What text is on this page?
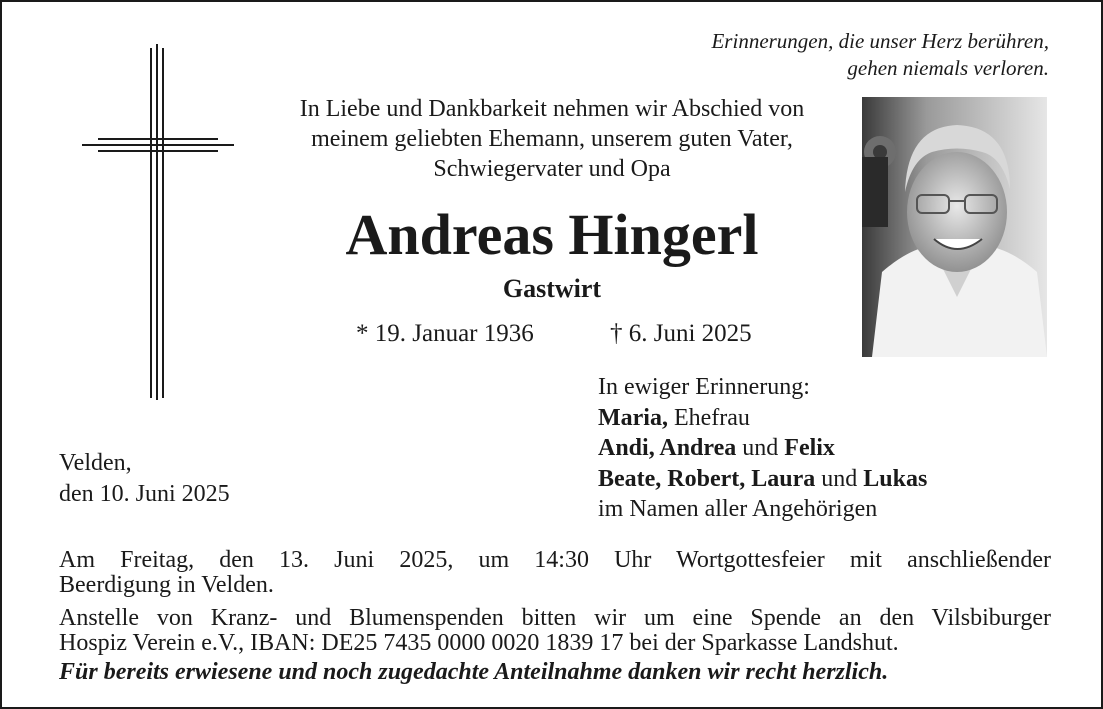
Erinnerungen, die unser Herz berühren,
gehen niemals verloren.
In Liebe und Dankbarkeit nehmen wir Abschied von
meinem geliebten Ehemann, unserem guten Vater,
Schwiegervater und Opa
Andreas Hingerl
Gastwirt
* 19. Januar 1936	† 6. Juni 2025
Velden,
den 10. Juni 2025
In ewiger Erinnerung:
Maria, Ehefrau
Andi, Andrea und Felix
Beate, Robert, Laura und Lukas
im Namen aller Angehörigen
Am Freitag, den 13. Juni 2025, um 14:30 Uhr Wortgottesfeier mit anschließender
Beerdigung in Velden.
Anstelle von Kranz- und Blumenspenden bitten wir um eine Spende an den Vilsbiburger
Hospiz Verein e.V., IBAN: DE25 7435 0000 0020 1839 17 bei der Sparkasse Landshut.
Für bereits erwiesene und noch zugedachte Anteilnahme danken wir recht herzlich.
